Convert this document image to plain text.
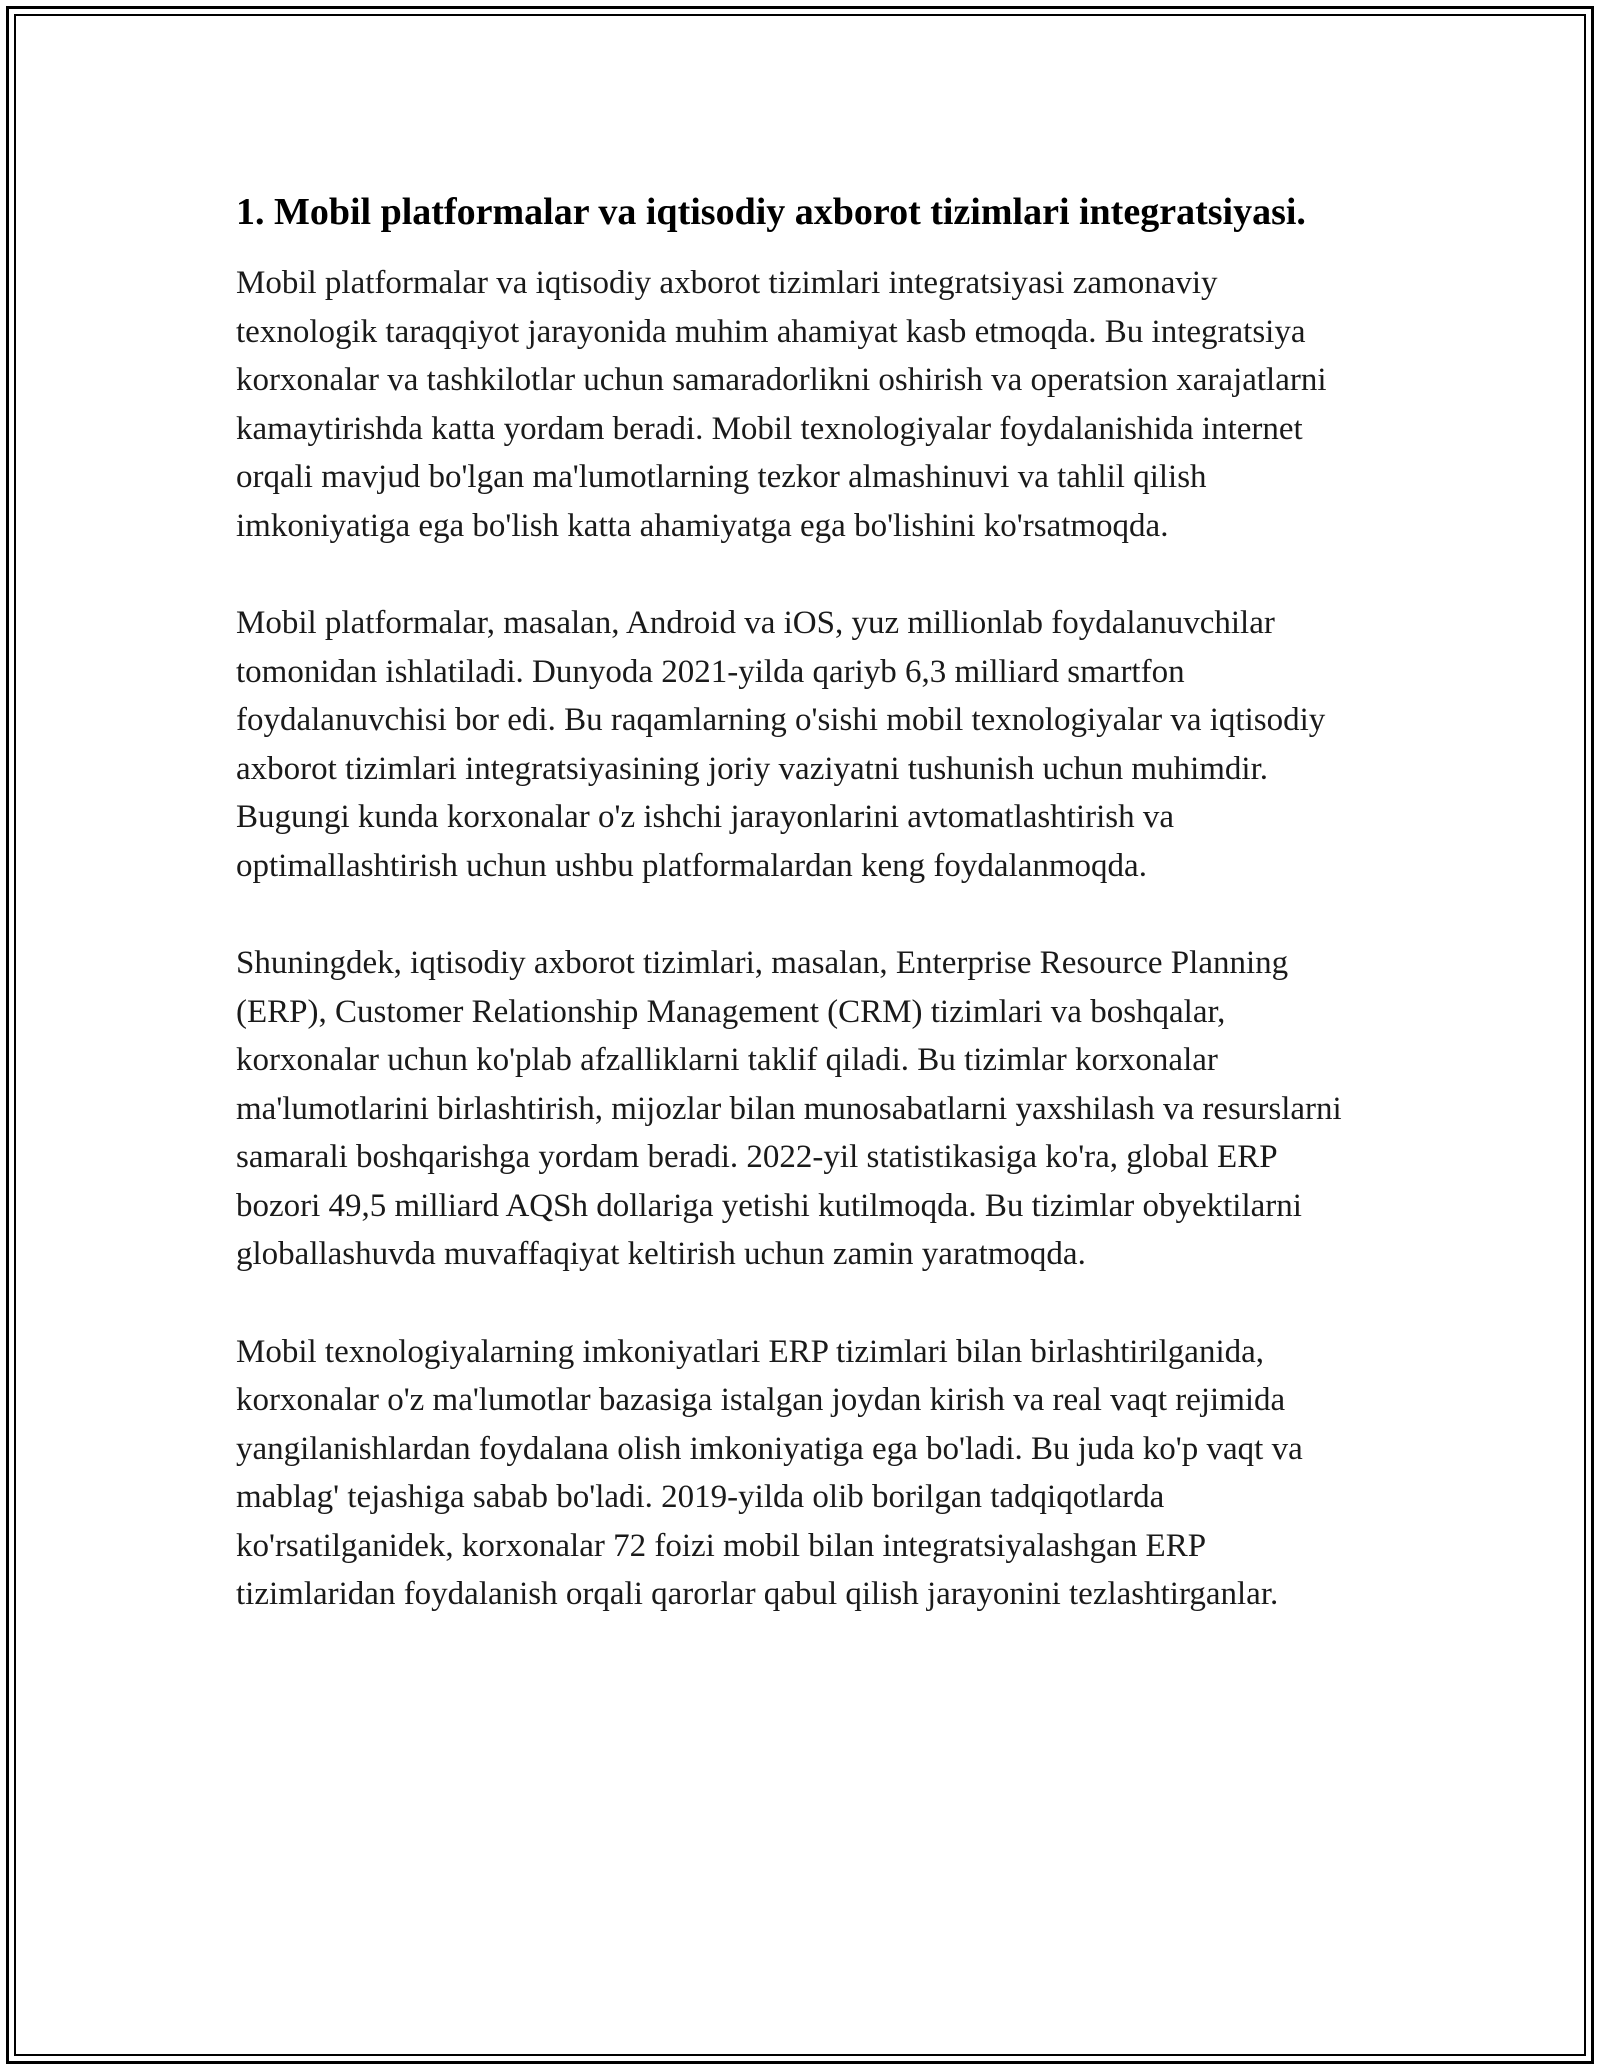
1. Mobil platformalar va iqtisodiy axborot tizimlari integratsiyasi.

Mobil platformalar va iqtisodiy axborot tizimlari integratsiyasi zamonaviy texnologik taraqqiyot jarayonida muhim ahamiyat kasb etmoqda. Bu integratsiya korxonalar va tashkilotlar uchun samaradorlikni oshirish va operatsion xarajatlarni kamaytirishda katta yordam beradi. Mobil texnologiyalar foydalanishida internet orqali mavjud bo'lgan ma'lumotlarning tezkor almashinuvi va tahlil qilish imkoniyatiga ega bo'lish katta ahamiyatga ega bo'lishini ko'rsatmoqda.

Mobil platformalar, masalan, Android va iOS, yuz millionlab foydalanuvchilar tomonidan ishlatiladi. Dunyoda 2021-yilda qariyb 6,3 milliard smartfon foydalanuvchisi bor edi. Bu raqamlarning o'sishi mobil texnologiyalar va iqtisodiy axborot tizimlari integratsiyasining joriy vaziyatni tushunish uchun muhimdir. Bugungi kunda korxonalar o'z ishchi jarayonlarini avtomatlashtirish va optimallashtirish uchun ushbu platformalardan keng foydalanmoqda.

Shuningdek, iqtisodiy axborot tizimlari, masalan, Enterprise Resource Planning (ERP), Customer Relationship Management (CRM) tizimlari va boshqalar, korxonalar uchun ko'plab afzalliklarni taklif qiladi. Bu tizimlar korxonalar ma'lumotlarini birlashtirish, mijozlar bilan munosabatlarni yaxshilash va resurslarni samarali boshqarishga yordam beradi. 2022-yil statistikasiga ko'ra, global ERP bozori 49,5 milliard AQSh dollariga yetishi kutilmoqda. Bu tizimlar obyektilarni globallashuvda muvaffaqiyat keltirish uchun zamin yaratmoqda.

Mobil texnologiyalarning imkoniyatlari ERP tizimlari bilan birlashtirilganida, korxonalar o'z ma'lumotlar bazasiga istalgan joydan kirish va real vaqt rejimida yangilanishlardan foydalana olish imkoniyatiga ega bo'ladi. Bu juda ko'p vaqt va mablag' tejashiga sabab bo'ladi. 2019-yilda olib borilgan tadqiqotlarda ko'rsatilganidek, korxonalar 72 foizi mobil bilan integratsiyalashgan ERP tizimlaridan foydalanish orqali qarorlar qabul qilish jarayonini tezlashtirganlar.
